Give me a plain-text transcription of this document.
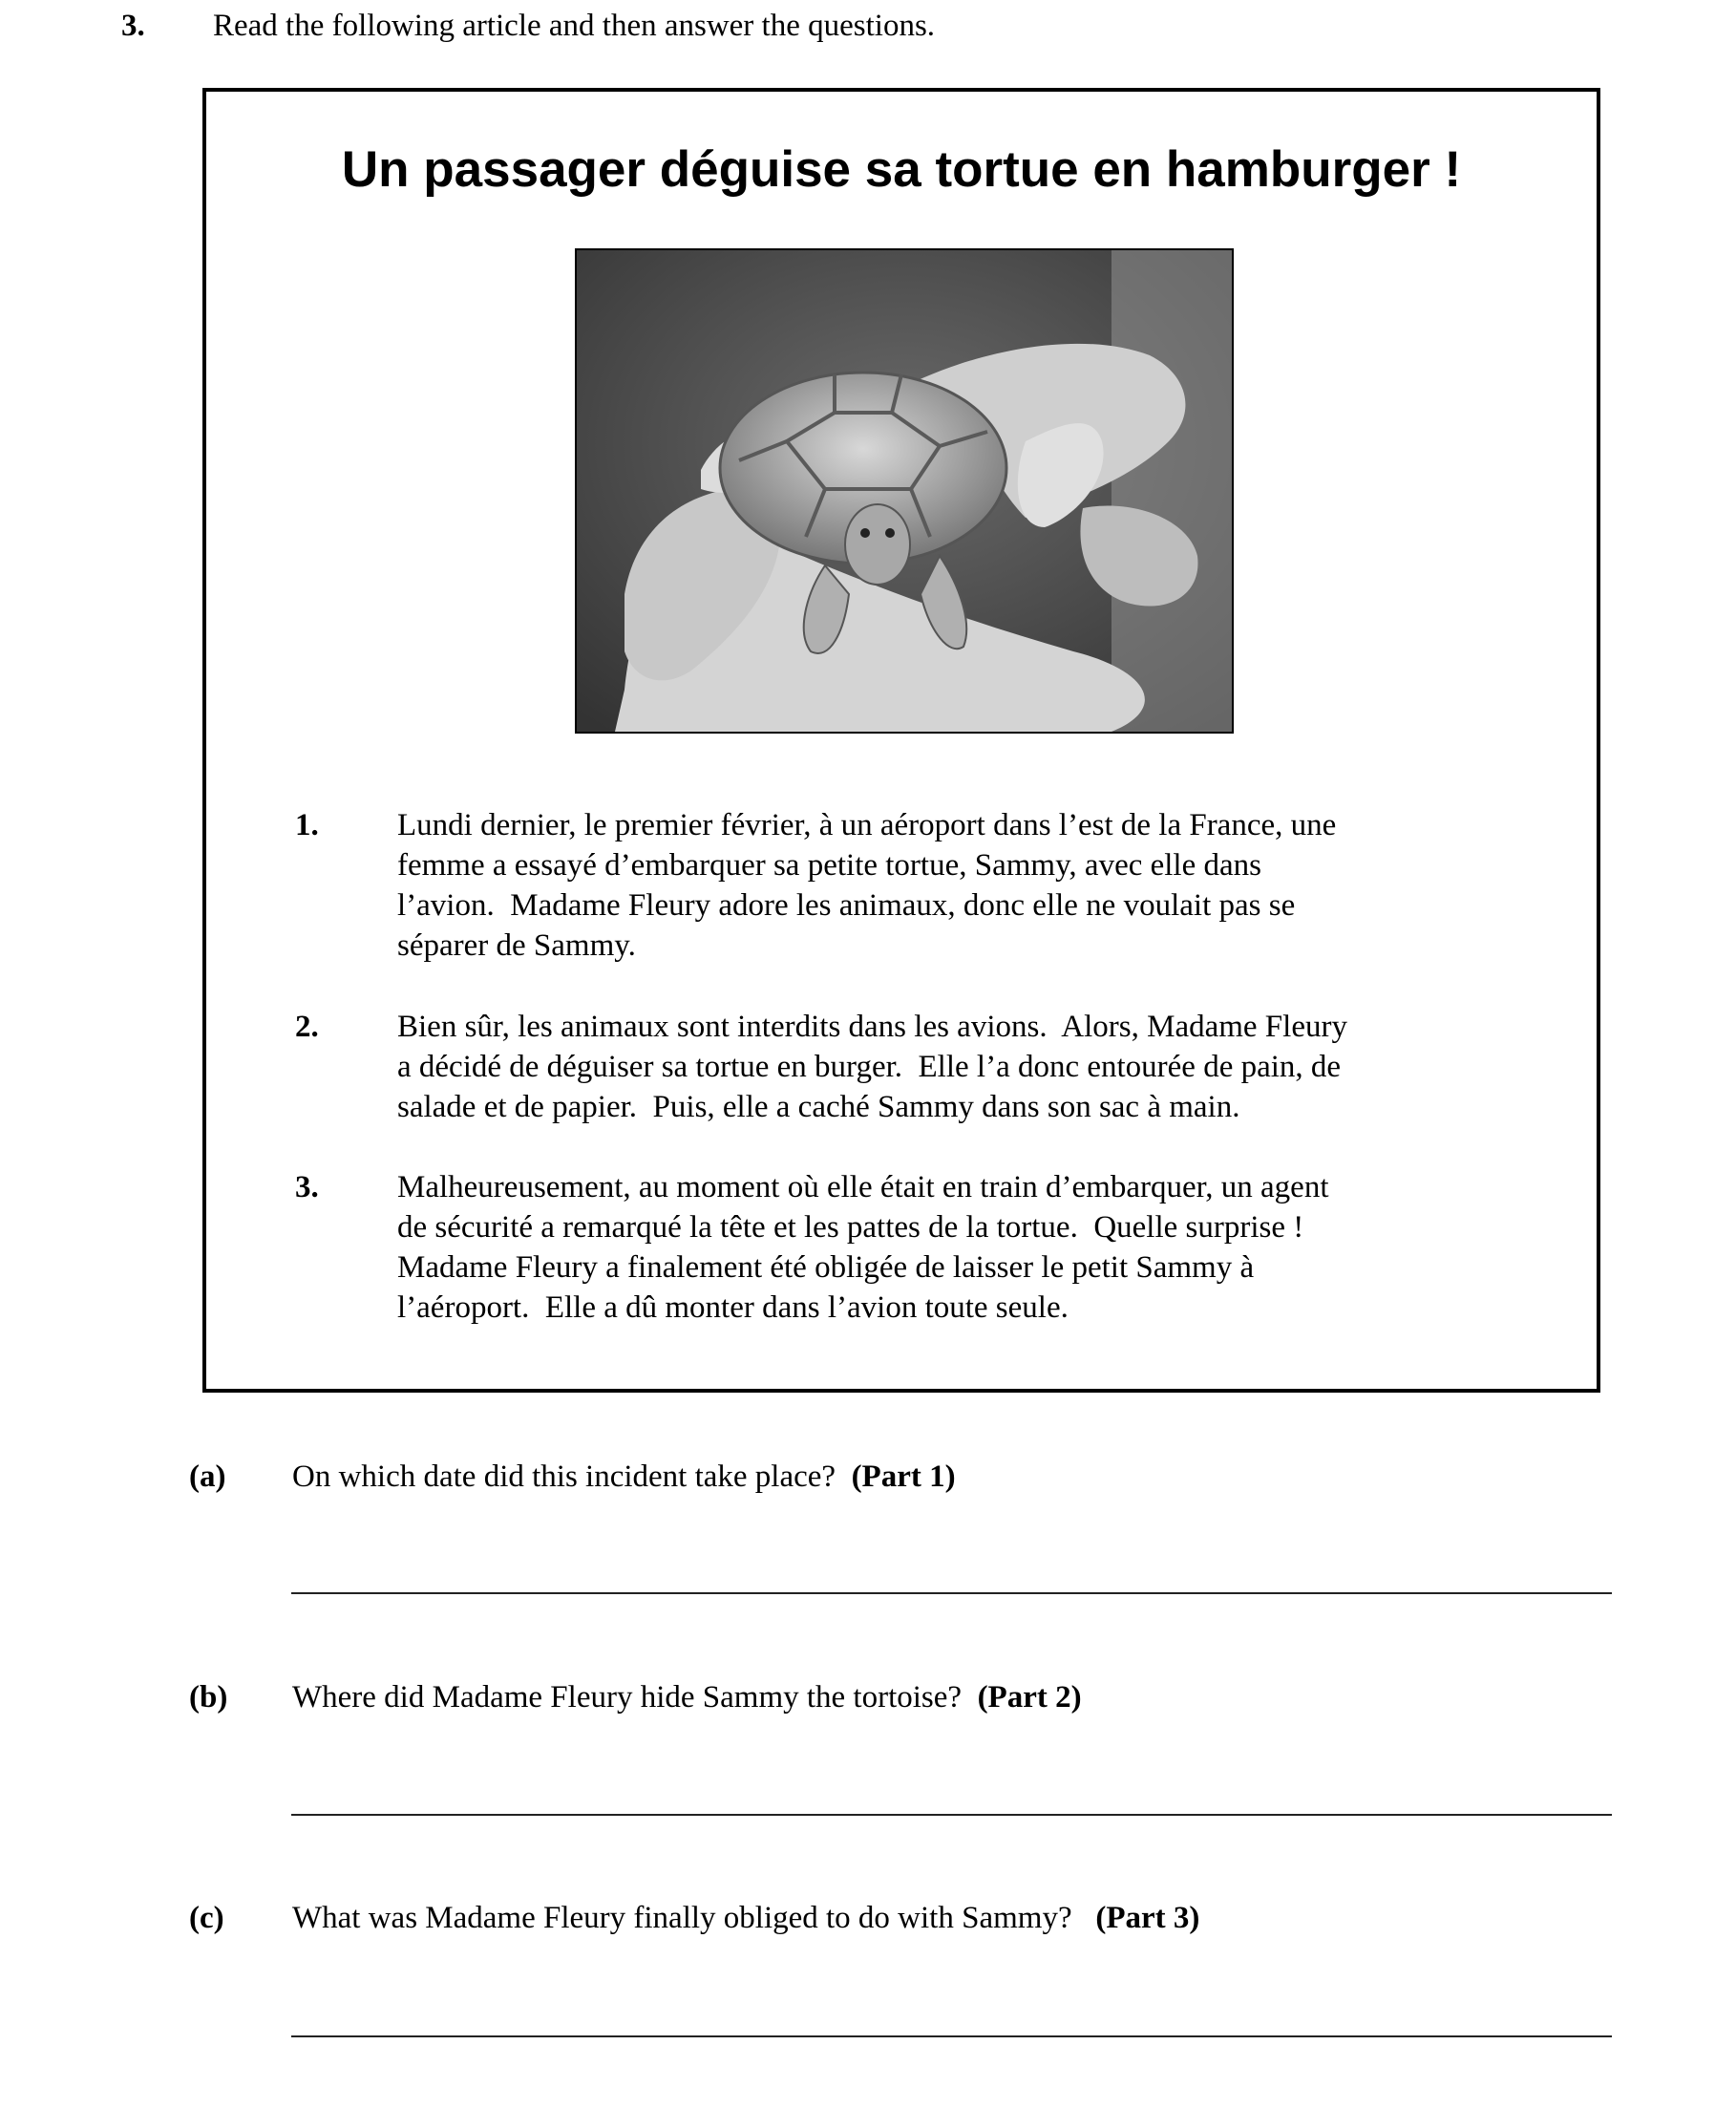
3. Read the following article and then answer the questions.
Un passager déguise sa tortue en hamburger !
1. Lundi dernier, le premier février, à un aéroport dans l’est de la France, une
femme a essayé d’embarquer sa petite tortue, Sammy, avec elle dans
l’avion.  Madame Fleury adore les animaux, donc elle ne voulait pas se
séparer de Sammy.
2. Bien sûr, les animaux sont interdits dans les avions.  Alors, Madame Fleury
a décidé de déguiser sa tortue en burger.  Elle l’a donc entourée de pain, de
salade et de papier.  Puis, elle a caché Sammy dans son sac à main.
3. Malheureusement, au moment où elle était en train d’embarquer, un agent
de sécurité a remarqué la tête et les pattes de la tortue.  Quelle surprise !
Madame Fleury a finalement été obligée de laisser le petit Sammy à
l’aéroport.  Elle a dû monter dans l’avion toute seule.
(a) On which date did this incident take place? (Part 1)
(b) Where did Madame Fleury hide Sammy the tortoise? (Part 2)
(c) What was Madame Fleury finally obliged to do with Sammy? (Part 3)
